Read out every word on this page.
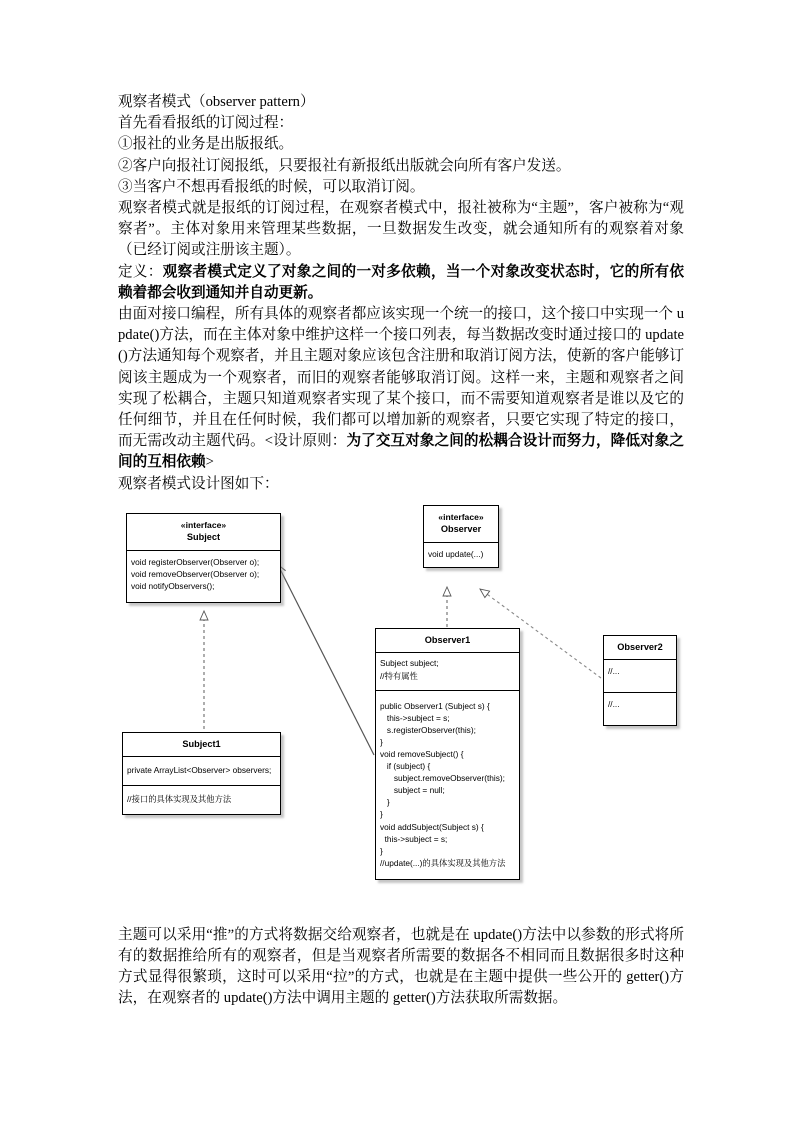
观察者模式（observer pattern）

首先看看报纸的订阅过程：

①报社的业务是出版报纸。

②客户向报社订阅报纸，只要报社有新报纸出版就会向所有客户发送。

③当客户不想再看报纸的时候，可以取消订阅。

观察者模式就是报纸的订阅过程，在观察者模式中，报社被称为“主题”，客户被称为“观察者”。主体对象用来管理某些数据，一旦数据发生改变，就会通知所有的观察着对象（已经订阅或注册该主题）。

定义：观察者模式定义了对象之间的一对多依赖，当一个对象改变状态时，它的所有依赖着都会收到通知并自动更新。

由面对接口编程，所有具体的观察者都应该实现一个统一的接口，这个接口中实现一个 update()方法，而在主体对象中维护这样一个接口列表，每当数据改变时通过接口的 update()方法通知每个观察者，并且主题对象应该包含注册和取消订阅方法，使新的客户能够订阅该主题成为一个观察者，而旧的观察者能够取消订阅。这样一来，主题和观察者之间实现了松耦合，主题只知道观察者实现了某个接口，而不需要知道观察者是谁以及它的任何细节，并且在任何时候，我们都可以增加新的观察者，只要它实现了特定的接口，而无需改动主题代码。<设计原则：为了交互对象之间的松耦合设计而努力，降低对象之间的互相依赖>

观察者模式设计图如下：

«interface»
Subject
void registerObserver(Observer o);
void removeObserver(Observer o);
void notifyObservers();
«interface»
Observer
void update(...)
Subject1
private ArrayList<Observer> observers;
//接口的具体实现及其他方法
Observer1
Subject subject;
//特有属性
public Observer1 (Subject s) {
this->subject = s;
s.registerObserver(this);
}
void removeSubject() {
if (subject) {
subject.removeObserver(this);
subject = null;
}
}
void addSubject(Subject s) {
this->subject = s;
}
//update(...)的具体实现及其他方法
Observer2
//...
//...

主题可以采用“推”的方式将数据交给观察者，也就是在 update()方法中以参数的形式将所有的数据推给所有的观察者，但是当观察者所需要的数据各不相同而且数据很多时这种方式显得很繁琐，这时可以采用“拉”的方式，也就是在主题中提供一些公开的 getter()方法，在观察者的 update()方法中调用主题的 getter()方法获取所需数据。
